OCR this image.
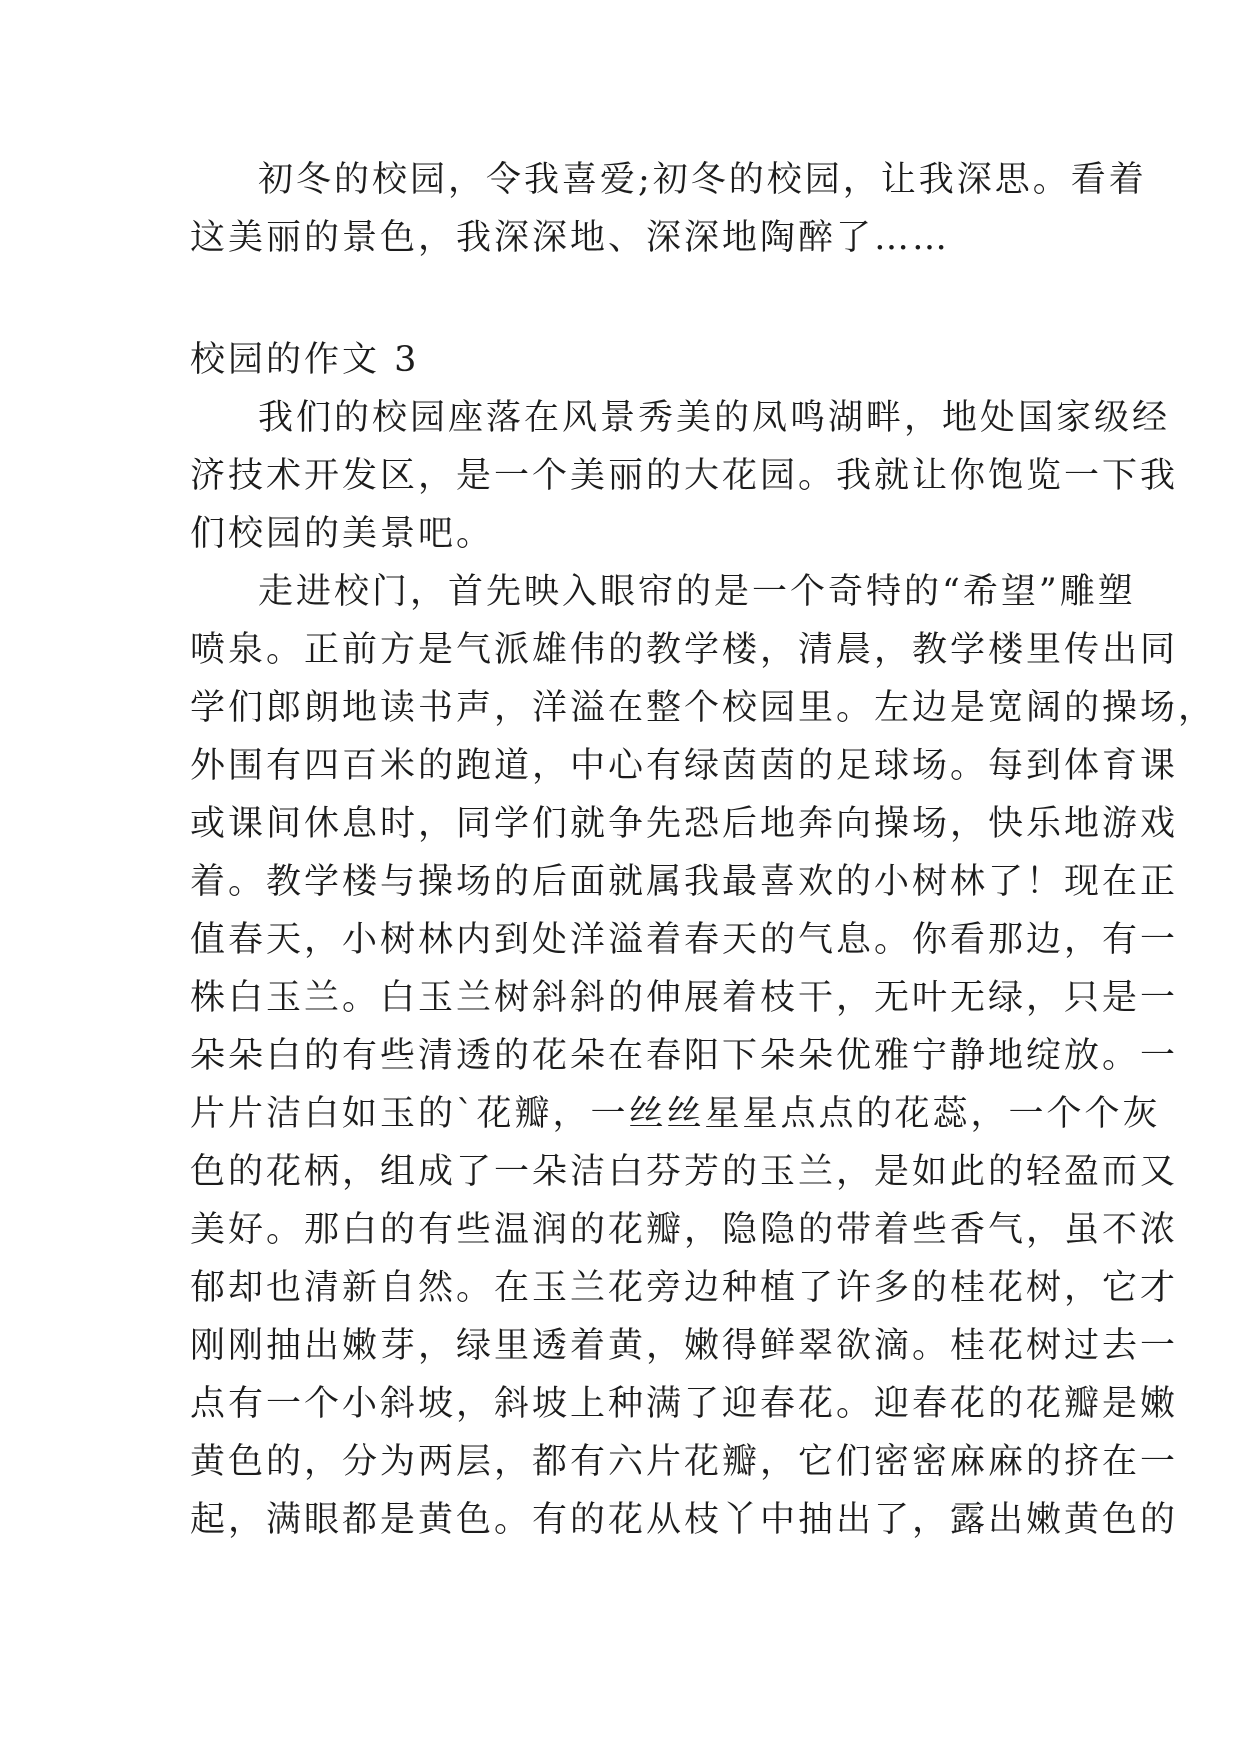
初冬的校园，令我喜爱;初冬的校园，让我深思。看着
这美丽的景色，我深深地、深深地陶醉了……
校园的作文 3
我们的校园座落在风景秀美的凤鸣湖畔，地处国家级经
济技术开发区，是一个美丽的大花园。我就让你饱览一下我
们校园的美景吧。
走进校门，首先映入眼帘的是一个奇特的“希望”雕塑
喷泉。正前方是气派雄伟的教学楼，清晨，教学楼里传出同
学们郎朗地读书声，洋溢在整个校园里。左边是宽阔的操场，
外围有四百米的跑道，中心有绿茵茵的足球场。每到体育课
或课间休息时，同学们就争先恐后地奔向操场，快乐地游戏
着。教学楼与操场的后面就属我最喜欢的小树林了！现在正
值春天，小树林内到处洋溢着春天的气息。你看那边，有一
株白玉兰。白玉兰树斜斜的伸展着枝干，无叶无绿，只是一
朵朵白的有些清透的花朵在春阳下朵朵优雅宁静地绽放。一
片片洁白如玉的`花瓣，一丝丝星星点点的花蕊，一个个灰
色的花柄，组成了一朵洁白芬芳的玉兰，是如此的轻盈而又
美好。那白的有些温润的花瓣，隐隐的带着些香气，虽不浓
郁却也清新自然。在玉兰花旁边种植了许多的桂花树，它才
刚刚抽出嫩芽，绿里透着黄，嫩得鲜翠欲滴。桂花树过去一
点有一个小斜坡，斜坡上种满了迎春花。迎春花的花瓣是嫩
黄色的，分为两层，都有六片花瓣，它们密密麻麻的挤在一
起，满眼都是黄色。有的花从枝丫中抽出了，露出嫩黄色的
